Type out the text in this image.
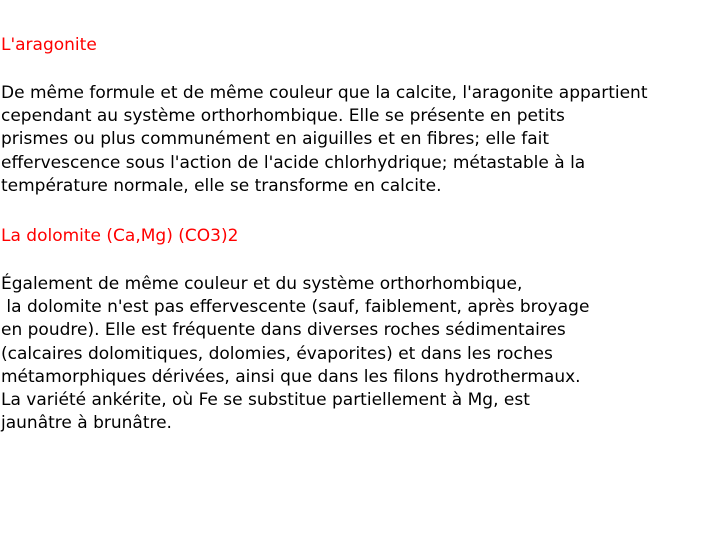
L'aragonite
De même formule et de même couleur que la calcite, l'aragonite appartient
cependant au système orthorhombique. Elle se présente en petits
prismes ou plus communément en aiguilles et en fibres; elle fait
effervescence sous l'action de l'acide chlorhydrique; métastable à la
température normale, elle se transforme en calcite.
La dolomite (Ca,Mg) (CO3)2
Également de même couleur et du système orthorhombique,
la dolomite n'est pas effervescente (sauf, faiblement, après broyage
en poudre). Elle est fréquente dans diverses roches sédimentaires
(calcaires dolomitiques, dolomies, évaporites) et dans les roches
métamorphiques dérivées, ainsi que dans les filons hydrothermaux.
La variété ankérite, où Fe se substitue partiellement à Mg, est
jaunâtre à brunâtre.
